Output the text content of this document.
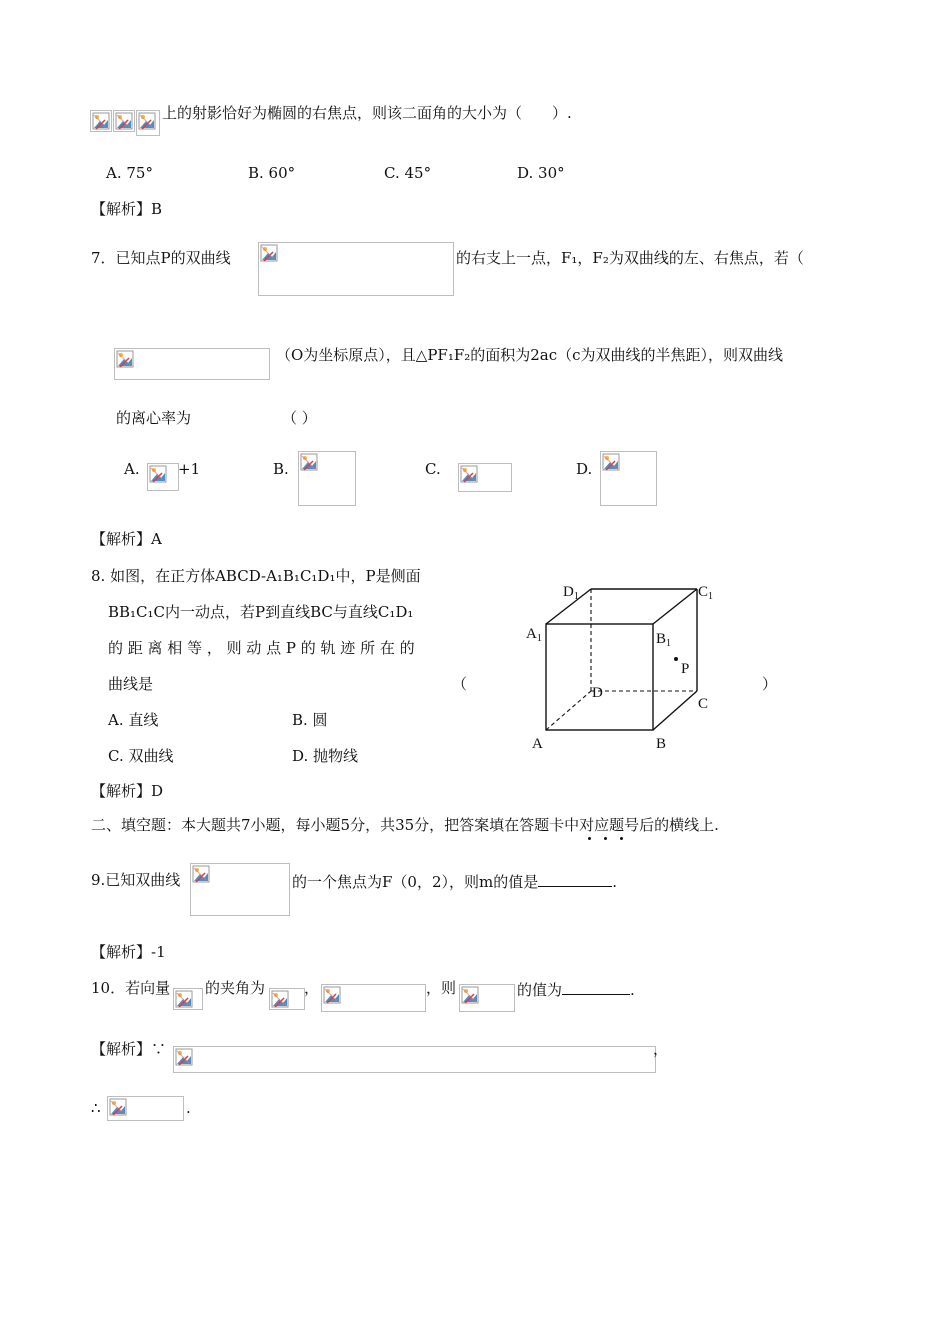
上的射影恰好为椭圆的右焦点，则该二面角的大小为（　　）.
A. 75°	B. 60°	C. 45°	D. 30°
【解析】B
7．已知点P的双曲线	的右支上一点，F₁，F₂为双曲线的左、右焦点，若（
（O为坐标原点），且△PF₁F₂的面积为2ac（c为双曲线的半焦距），则双曲线
的离心率为	（ ）
A.	+1	B.	C.	D.
【解析】A
8. 如图，在正方体ABCD-A₁B₁C₁D₁中，P是侧面
BB₁C₁C内一动点，若P到直线BC与直线C₁D₁
的 距 离 相 等 ， 则 动 点 P 的 轨 迹 所 在 的
曲线是	（	）
A. 直线	B. 圆
C. 双曲线	D. 抛物线
【解析】D
$D_1$	$C_1$
$A_1$	$B_1$
P
D
C
A	B
二、填空题：本大题共7小题，每小题5分，共35分，把答案填在答题卡中对应题号后的横线上.
9.已知双曲线	的一个焦点为F（0，2），则m的值是	.
【解析】-1
10．若向量 的夹角为	，	，则	的值为	.
【解析】∵	，
∴	.
